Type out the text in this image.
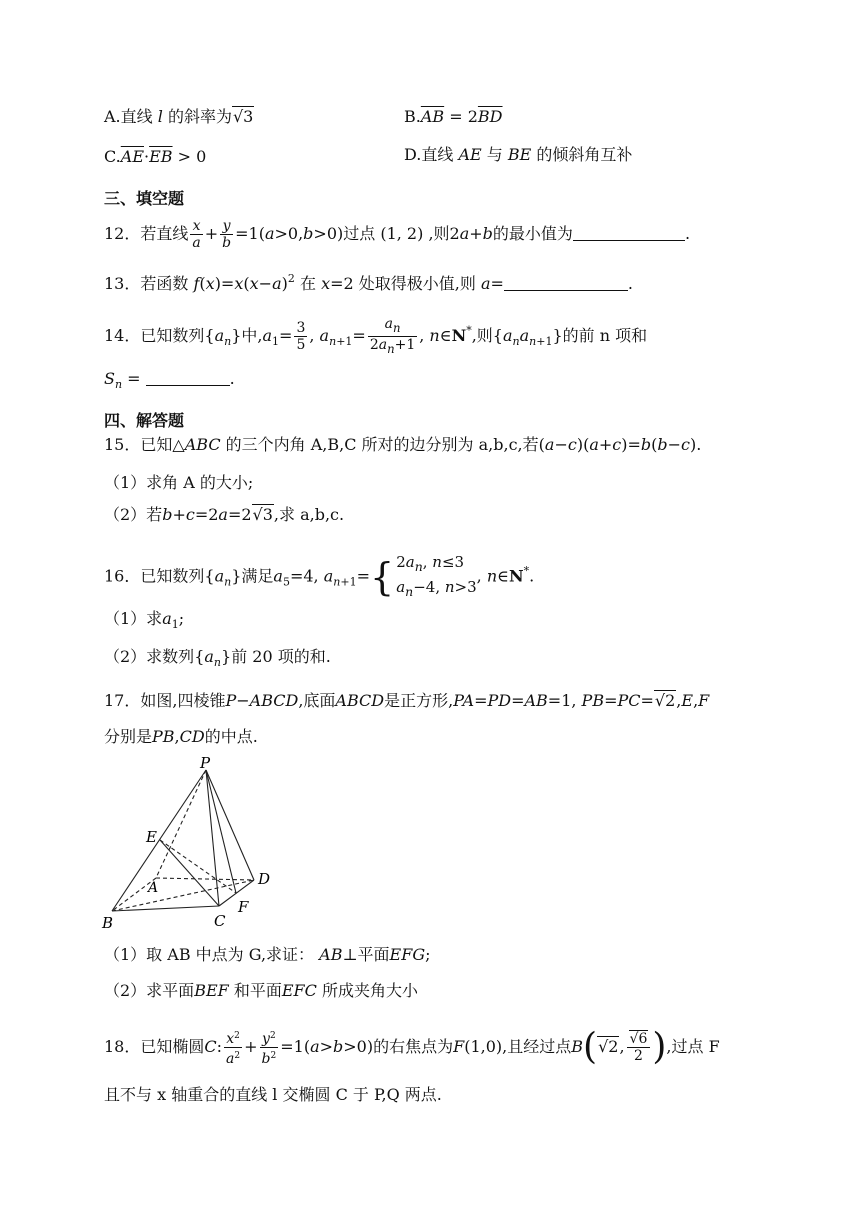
A.直线 l 的斜率为√3	$B.\overline{AB} = 2\overline{BD}$
$C.\overline{AE}\cdot\overline{EB} > 0$	D.直线 AE 与 BE 的倾斜角互补
三、填空题
12．若直线 $\frac{x}{a} + \frac{y}{b} =1(a>0,b>0)$过点 (1, 2) ,则2a+b的最小值为	.
13．若函数 $f(x)=x(x-a)^2$ 在 x=2 处取得极小值,则 a=	.
14．已知数列$\{a_n\}$中$,a_1= \frac{3}{5}$ , $a_{n+1}= \frac{a_n}{2a_n+1}$ , n∈N*,则$\{a_na_{n+1}\}$的前 n 项和
$S_n$ =	.
四、解答题
15．已知△ABC 的三个内角 A,B,C 所对的边分别为 a,b,c,若(a−c)(a+c)=b(b−c).
（1）求角 A 的大小;
（2）若b+c=2a=2√3,求 a,b,c.
16．已知数列$\{a_n\}$满足$a_5=4$, $a_{n+1}=${ $2a_n$, n≤3
$a_n-4$, n>3, n∈N*.
（1）求$a_1$;
（2）求数列$\{a_n\}$前 20 项的和.
17．如图,四棱锥P−ABCD,底面ABCD是正方形,PA=PD=AB=1, PB=PC=√2,E,F
分别是PB,CD的中点.
P
E
A	D
F
B	C
（1）取 AB 中点为 G,求证： AB⊥平面EFG;
（2）求平面BEF 和平面EFC 所成夹角大小
18．已知椭圆C: $\frac{x^2}{a^2} + \frac{y^2}{b^2} =1(a>b>0)$的右焦点为F(1,0),且经过点B(√2, $\frac{√6}{2}$ ),过点 F
且不与 x 轴重合的直线 l 交椭圆 C 于 P,Q 两点.
